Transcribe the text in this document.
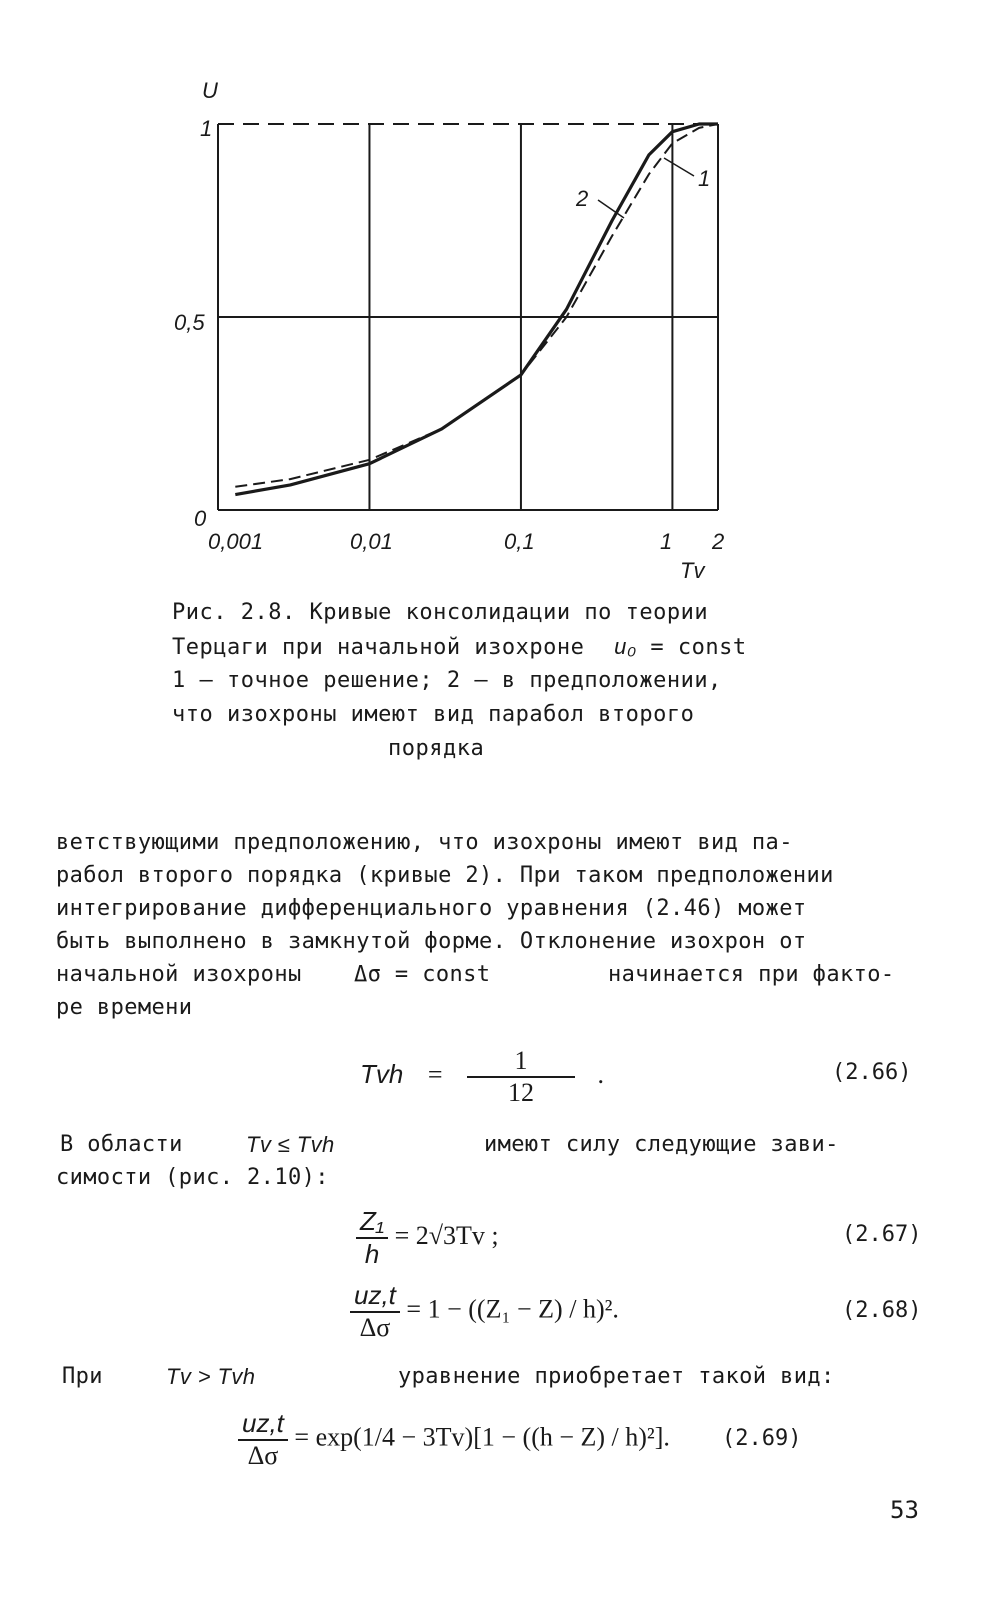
U
1
0,5
0
0,001	0,01	0,1	1 2
Tv
1
2
Рис. 2.8. Кривые консолидации по теории
Терцаги при начальной изохроне u₀ = const
1 – точное решение; 2 – в предположении,
что изохроны имеют вид парабол второго
порядка
ветствующими предположению, что изохроны имеют вид па-
рабол второго порядка (кривые 2). При таком предположении
интегрирование дифференциального уравнения (2.46) может
быть выполнено в замкнутой форме. Отклонение изохрон от
начальной изохроны Δσ = const	начинается при факто-
ре времени
Tvh = $\frac{1}{12}$ .	(2.66)
В области	Tv ≤ Tvh	имеют силу следующие зави-
симости (рис. 2.10):
$\frac{\text{Z₁}}{h} = 2√3Tv$ ;	(2.67)
$\frac{uz,t}{\Delta\sigma} = 1 - ((Z_1 - Z) / h)^2$.	(2.68)
При	Tv > Tvh	уравнение приобретает такой вид:
$\frac{uz,t}{\Delta\sigma} = \exp(1/4 - 3Tv)[1 - ((h - Z) / h)^2]$. (2.69)
53
